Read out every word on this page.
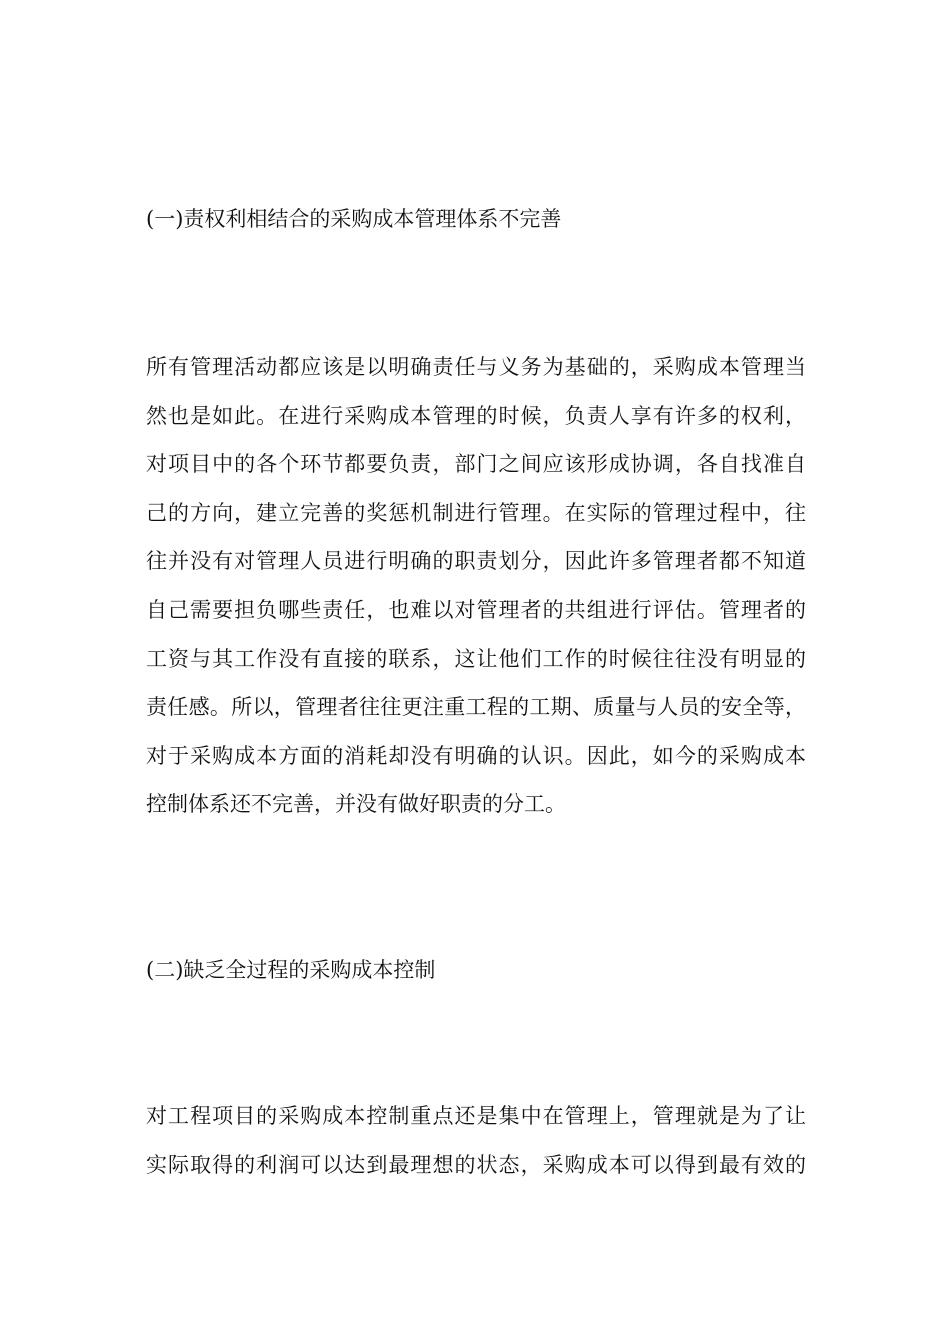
(一)责权利相结合的采购成本管理体系不完善
所有管理活动都应该是以明确责任与义务为基础的，采购成本管理当
然也是如此。在进行采购成本管理的时候，负责人享有许多的权利，
对项目中的各个环节都要负责，部门之间应该形成协调，各自找准自
己的方向，建立完善的奖惩机制进行管理。在实际的管理过程中，往
往并没有对管理人员进行明确的职责划分，因此许多管理者都不知道
自己需要担负哪些责任，也难以对管理者的共组进行评估。管理者的
工资与其工作没有直接的联系，这让他们工作的时候往往没有明显的
责任感。所以，管理者往往更注重工程的工期、质量与人员的安全等，
对于采购成本方面的消耗却没有明确的认识。因此，如今的采购成本
控制体系还不完善，并没有做好职责的分工。
(二)缺乏全过程的采购成本控制
对工程项目的采购成本控制重点还是集中在管理上，管理就是为了让
实际取得的利润可以达到最理想的状态，采购成本可以得到最有效的
